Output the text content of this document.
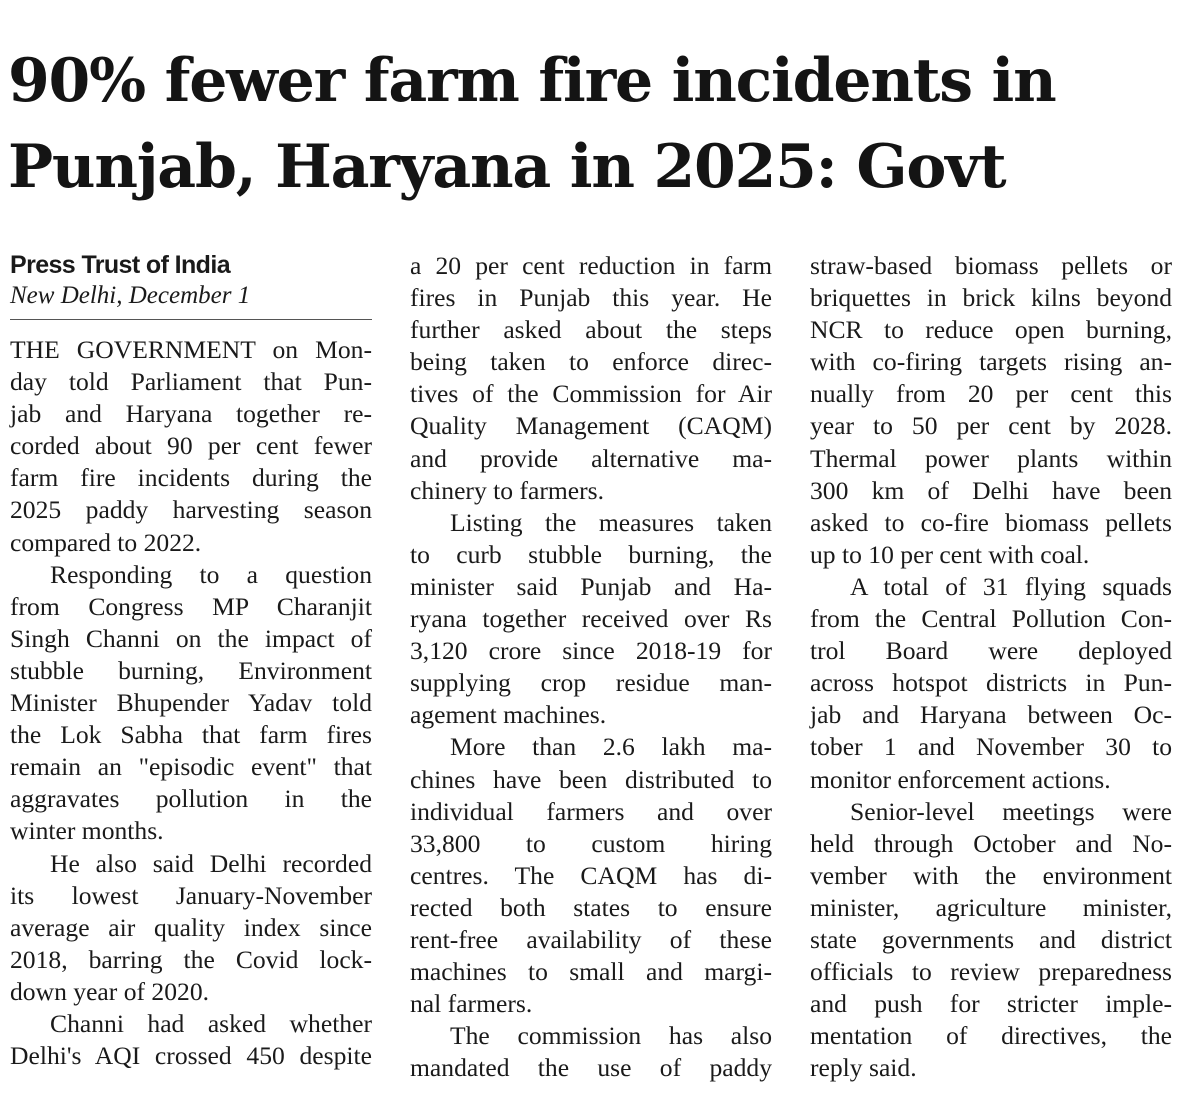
90% fewer farm fire incidents in
Punjab, Haryana in 2025: Govt
Press Trust of India
New Delhi, December 1
THE GOVERNMENT on Mon-
day told Parliament that Pun-
jab and Haryana together re-
corded about 90 per cent fewer
farm fire incidents during the
2025 paddy harvesting season
compared to 2022.
Responding to a question
from Congress MP Charanjit
Singh Channi on the impact of
stubble burning, Environment
Minister Bhupender Yadav told
the Lok Sabha that farm fires
remain an "episodic event" that
aggravates pollution in the
winter months.
He also said Delhi recorded
its lowest January-November
average air quality index since
2018, barring the Covid lock-
down year of 2020.
Channi had asked whether
Delhi's AQI crossed 450 despite
a 20 per cent reduction in farm
fires in Punjab this year. He
further asked about the steps
being taken to enforce direc-
tives of the Commission for Air
Quality Management (CAQM)
and provide alternative ma-
chinery to farmers.
Listing the measures taken
to curb stubble burning, the
minister said Punjab and Ha-
ryana together received over Rs
3,120 crore since 2018-19 for
supplying crop residue man-
agement machines.
More than 2.6 lakh ma-
chines have been distributed to
individual farmers and over
33,800 to custom hiring
centres. The CAQM has di-
rected both states to ensure
rent-free availability of these
machines to small and margi-
nal farmers.
The commission has also
mandated the use of paddy
straw-based biomass pellets or
briquettes in brick kilns beyond
NCR to reduce open burning,
with co-firing targets rising an-
nually from 20 per cent this
year to 50 per cent by 2028.
Thermal power plants within
300 km of Delhi have been
asked to co-fire biomass pellets
up to 10 per cent with coal.
A total of 31 flying squads
from the Central Pollution Con-
trol Board were deployed
across hotspot districts in Pun-
jab and Haryana between Oc-
tober 1 and November 30 to
monitor enforcement actions.
Senior-level meetings were
held through October and No-
vember with the environment
minister, agriculture minister,
state governments and district
officials to review preparedness
and push for stricter imple-
mentation of directives, the
reply said.
